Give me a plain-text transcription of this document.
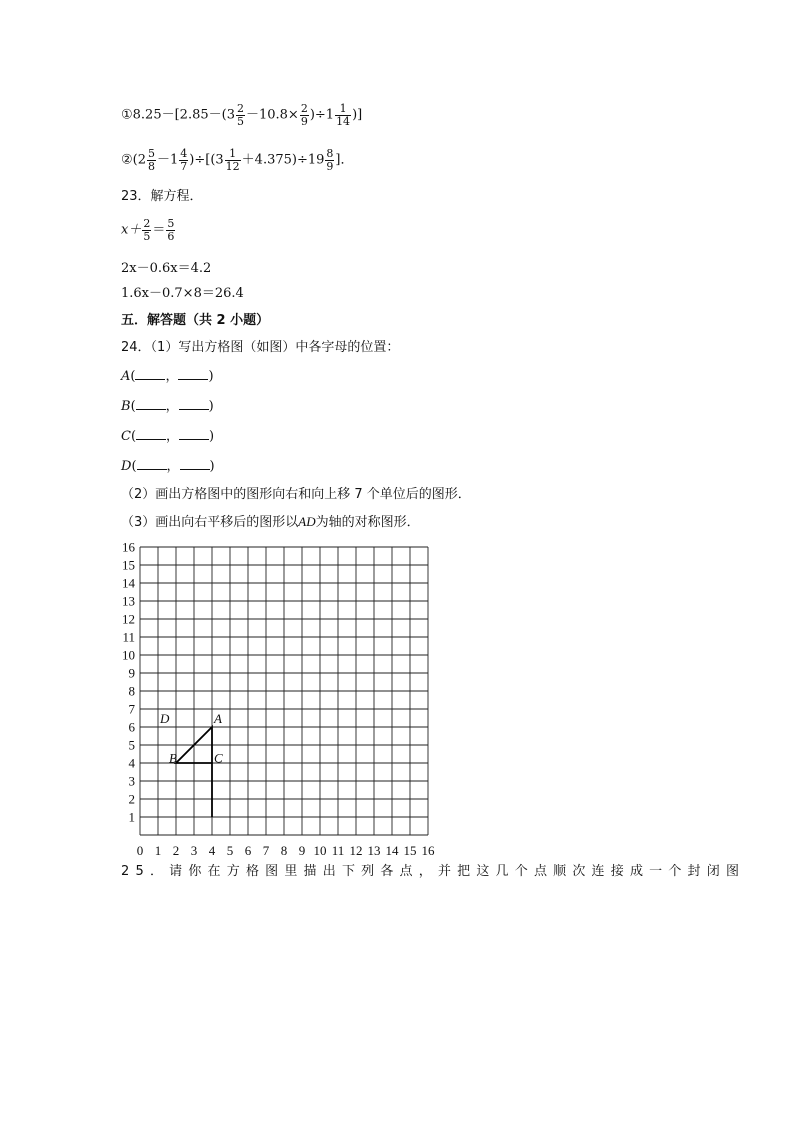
①8.25－[2.85－(3 $\frac{2}{5} -10.8\times \frac{2}{9} )\div 1 \frac{1}{14}$ )]
②(2 $\frac{5}{8} -1 \frac{4}{7} )\div[(3 \frac{1}{12} +4.375)\div 19 \frac{8}{9}$ ]．
23．解方程．
$x+ \frac{2}{5} = \frac{5}{6}$
2x－0.6x＝4.2
1.6x－0.7×8＝26.4
五．解答题（共 2 小题）
24．（1）写出方格图（如图）中各字母的位置：
A( ， )
B( ， )
C( ， )
D( ， )
（2）画出方格图中的图形向右和向上移 7 个单位后的图形．
（3）画出向右平移后的图形以AD为轴的对称图形．
0 1 2 3 4 5 6 7 8 9 10 11 12 13 14 15 16
1
2
3
4
5
6
7
8
9
10
11
12
13
14
15
16
D	A
B	C
25．请你在方格图里描出下列各点，并把这几个点顺次连接成一个封闭图
